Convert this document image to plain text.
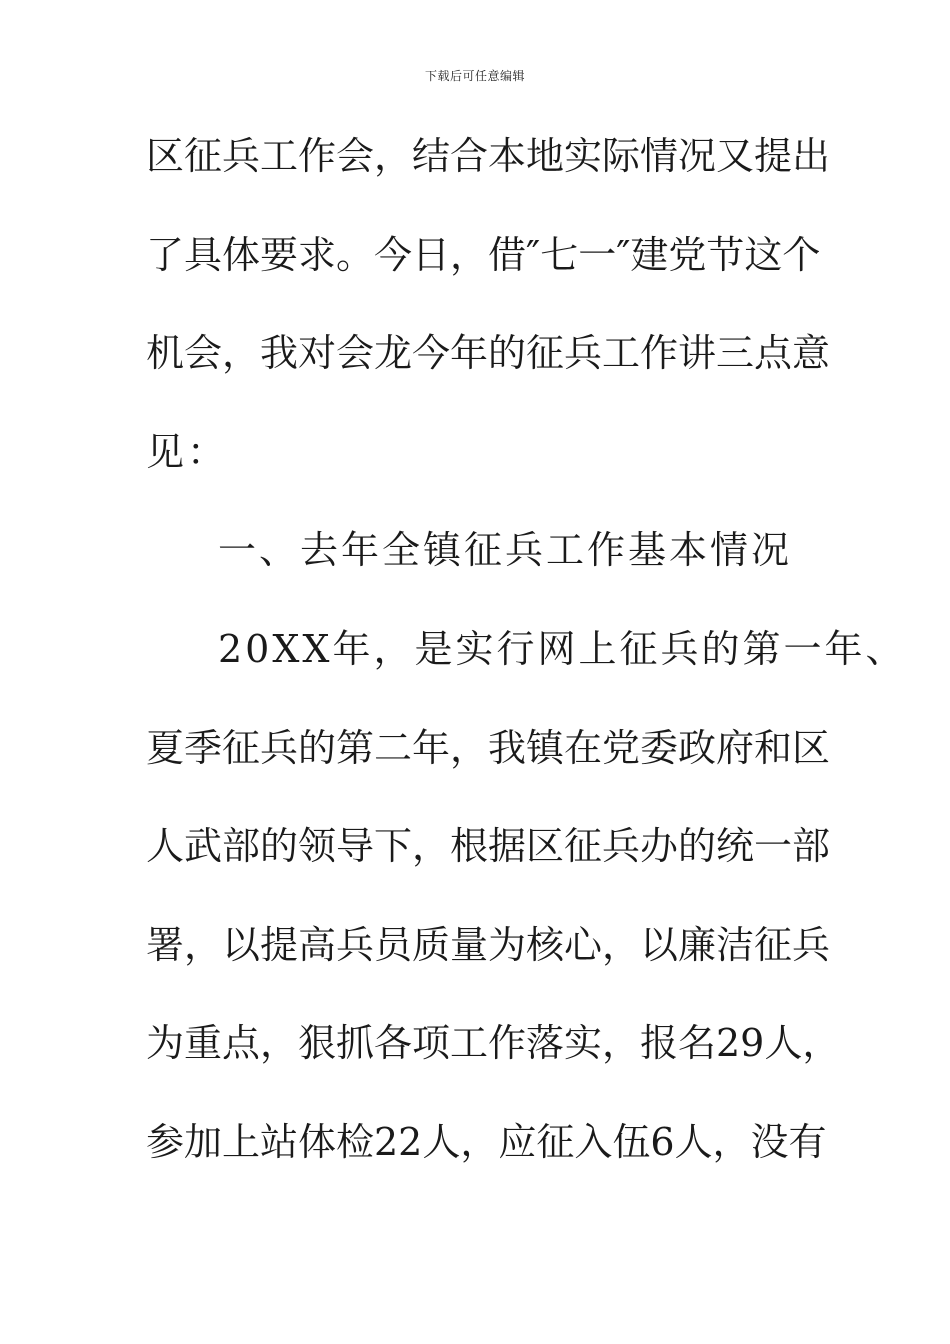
下载后可任意编辑
区征兵工作会，结合本地实际情况又提出
了具体要求。今日，借″七一″建党节这个
机会，我对会龙今年的征兵工作讲三点意
见：
一、去年全镇征兵工作基本情况
20XX年，是实行网上征兵的第一年、
夏季征兵的第二年，我镇在党委政府和区
人武部的领导下，根据区征兵办的统一部
署，以提高兵员质量为核心，以廉洁征兵
为重点，狠抓各项工作落实，报名29人，
参加上站体检22人，应征入伍6人，没有
